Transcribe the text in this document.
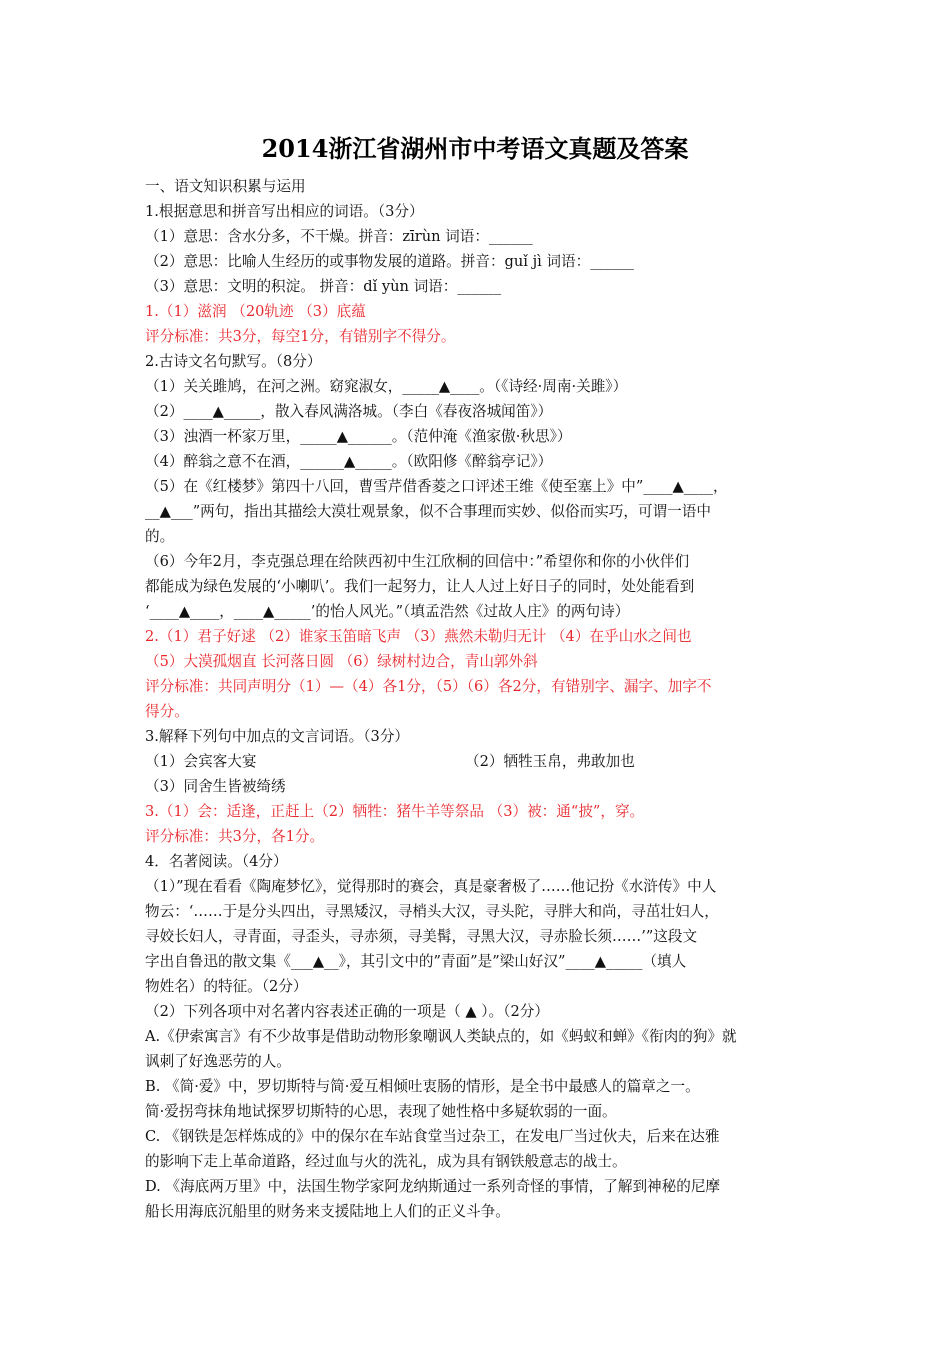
2014浙江省湖州市中考语文真题及答案
一、语文知识积累与运用
1.根据意思和拼音写出相应的词语。（3分）
（1）意思：含水分多，不干燥。拼音：zīrùn 词语：______
（2）意思：比喻人生经历的或事物发展的道路。拼音：guǐ jì 词语：______
（3）意思：文明的积淀。 拼音：dǐ yùn 词语：______
1.（1）滋润 （20轨迹 （3）底蕴
评分标准：共3分，每空1分，有错别字不得分。
2.古诗文名句默写。（8分）
（1）关关雎鸠，在河之洲。窈窕淑女，_____▲____。（《诗经·周南·关雎》）
（2）____▲_____，散入春风满洛城。（李白《春夜洛城闻笛》）
（3）浊酒一杯家万里，_____▲______。（范仲淹《渔家傲·秋思》）
（4）醉翁之意不在酒，______▲_____。（欧阳修《醉翁亭记》）
（5）在《红楼梦》第四十八回，曹雪芹借香菱之口评述王维《使至塞上》中”____▲____，
__▲___”两句，指出其描绘大漠壮观景象，似不合事理而实妙、似俗而实巧，可谓一语中
的。
（6）今年2月，李克强总理在给陕西初中生江欣桐的回信中：”希望你和你的小伙伴们
都能成为绿色发展的‘小喇叭’。我们一起努力，让人人过上好日子的同时，处处能看到
‘____▲____，____▲_____’的怡人风光。”（填孟浩然《过故人庄》的两句诗）
2.（1）君子好逑 （2）谁家玉笛暗飞声 （3）燕然未勒归无计 （4）在乎山水之间也
（5）大漠孤烟直 长河落日圆 （6）绿树村边合，青山郭外斜
评分标准：共同声明分（1）—（4）各1分，（5）（6）各2分，有错别字、漏字、加字不
得分。
3.解释下列句中加点的文言词语。（3分）
（1）会宾客大宴	（2）牺牲玉帛，弗敢加也
（3）同舍生皆被绮绣
3.（1）会：适逢，正赶上（2）牺牲：猪牛羊等祭品 （3）被：通“披”，穿。
评分标准：共3分，各1分。
4．名著阅读。（4分）
（1）”现在看看《陶庵梦忆》，觉得那时的赛会，真是豪奢极了……他记扮《水浒传》中人
物云：‘……于是分头四出，寻黑矮汉，寻梢头大汉，寻头陀，寻胖大和尚，寻茁壮妇人，
寻姣长妇人，寻青面，寻歪头，寻赤须，寻美髯，寻黑大汉，寻赤脸长须……’”这段文
字出自鲁迅的散文集《___▲__》，其引文中的”青面”是”梁山好汉”____▲_____（填人
物姓名）的特征。（2分）
（2）下列各项中对名著内容表述正确的一项是（ ▲ ）。（2分）
A.《伊索寓言》有不少故事是借助动物形象嘲讽人类缺点的，如《蚂蚁和蝉》《衔肉的狗》就
讽刺了好逸恶劳的人。
B. 《简·爱》中，罗切斯特与简·爱互相倾吐衷肠的情形，是全书中最感人的篇章之一。
简·爱拐弯抹角地试探罗切斯特的心思，表现了她性格中多疑软弱的一面。
C. 《钢铁是怎样炼成的》中的保尔在车站食堂当过杂工，在发电厂当过伙夫，后来在达雅
的影响下走上革命道路，经过血与火的洗礼，成为具有钢铁般意志的战士。
D. 《海底两万里》中，法国生物学家阿龙纳斯通过一系列奇怪的事情，了解到神秘的尼摩
船长用海底沉船里的财务来支援陆地上人们的正义斗争。
